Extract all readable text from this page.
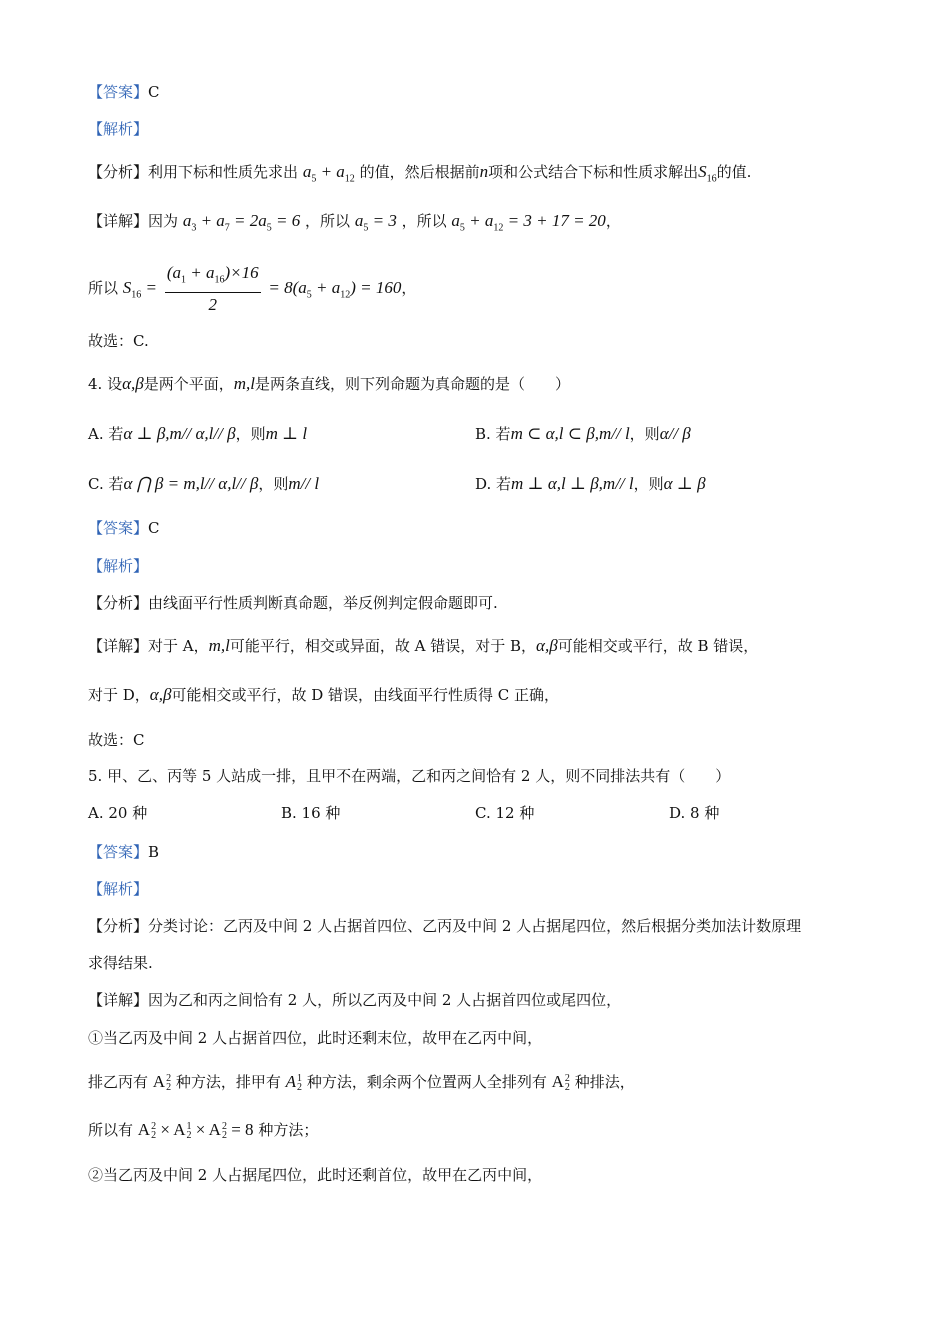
【答案】C
【解析】
【分析】利用下标和性质先求出 $a_5 + a_{12}$ 的值，然后根据前n项和公式结合下标和性质求解出$S_{16}$的值.
【详解】因为 $a_3 + a_7 = 2a_5 = 6$ ，所以 $a_5 = 3$ ，所以 $a_5 + a_{12} = 3 + 17 = 20$，
所以 $S_{16} = \frac{(a_1 + a_{16})\times 16}{2} = 8(a_5 + a_{12}) = 160$，
故选：C.
4. 设α,β是两个平面，m,l是两条直线，则下列命题为真命题的是（　　）
A. 若α ⊥ β,m// α,l// β，则m ⊥ l	B. 若m ⊂ α,l ⊂ β,m// l，则α// β
C. 若α ⋂ β = m,l// α,l// β，则m// l	D. 若m ⊥ α,l ⊥ β,m// l，则α ⊥ β
【答案】C
【解析】
【分析】由线面平行性质判断真命题，举反例判定假命题即可.
【详解】对于 A，m,l可能平行，相交或异面，故 A 错误，对于 B，α,β可能相交或平行，故 B 错误，
对于 D，α,β可能相交或平行，故 D 错误，由线面平行性质得 C 正确，
故选：C
5. 甲、乙、丙等 5 人站成一排，且甲不在两端，乙和丙之间恰有 2 人，则不同排法共有（　　）
A. 20 种	B. 16 种	C. 12 种	D. 8 种
【答案】B
【解析】
【分析】分类讨论：乙丙及中间 2 人占据首四位、乙丙及中间 2 人占据尾四位，然后根据分类加法计数原理
求得结果.
【详解】因为乙和丙之间恰有 2 人，所以乙丙及中间 2 人占据首四位或尾四位，
①当乙丙及中间 2 人占据首四位，此时还剩末位，故甲在乙丙中间，
排乙丙有 A 2
2 种方法，排甲有 A 1
2 种方法，剩余两个位置两人全排列有 A 2
2 种排法，
所以有 A 2
2 × A 1
2 × A 2
2 = 8 种方法；
②当乙丙及中间 2 人占据尾四位，此时还剩首位，故甲在乙丙中间，
